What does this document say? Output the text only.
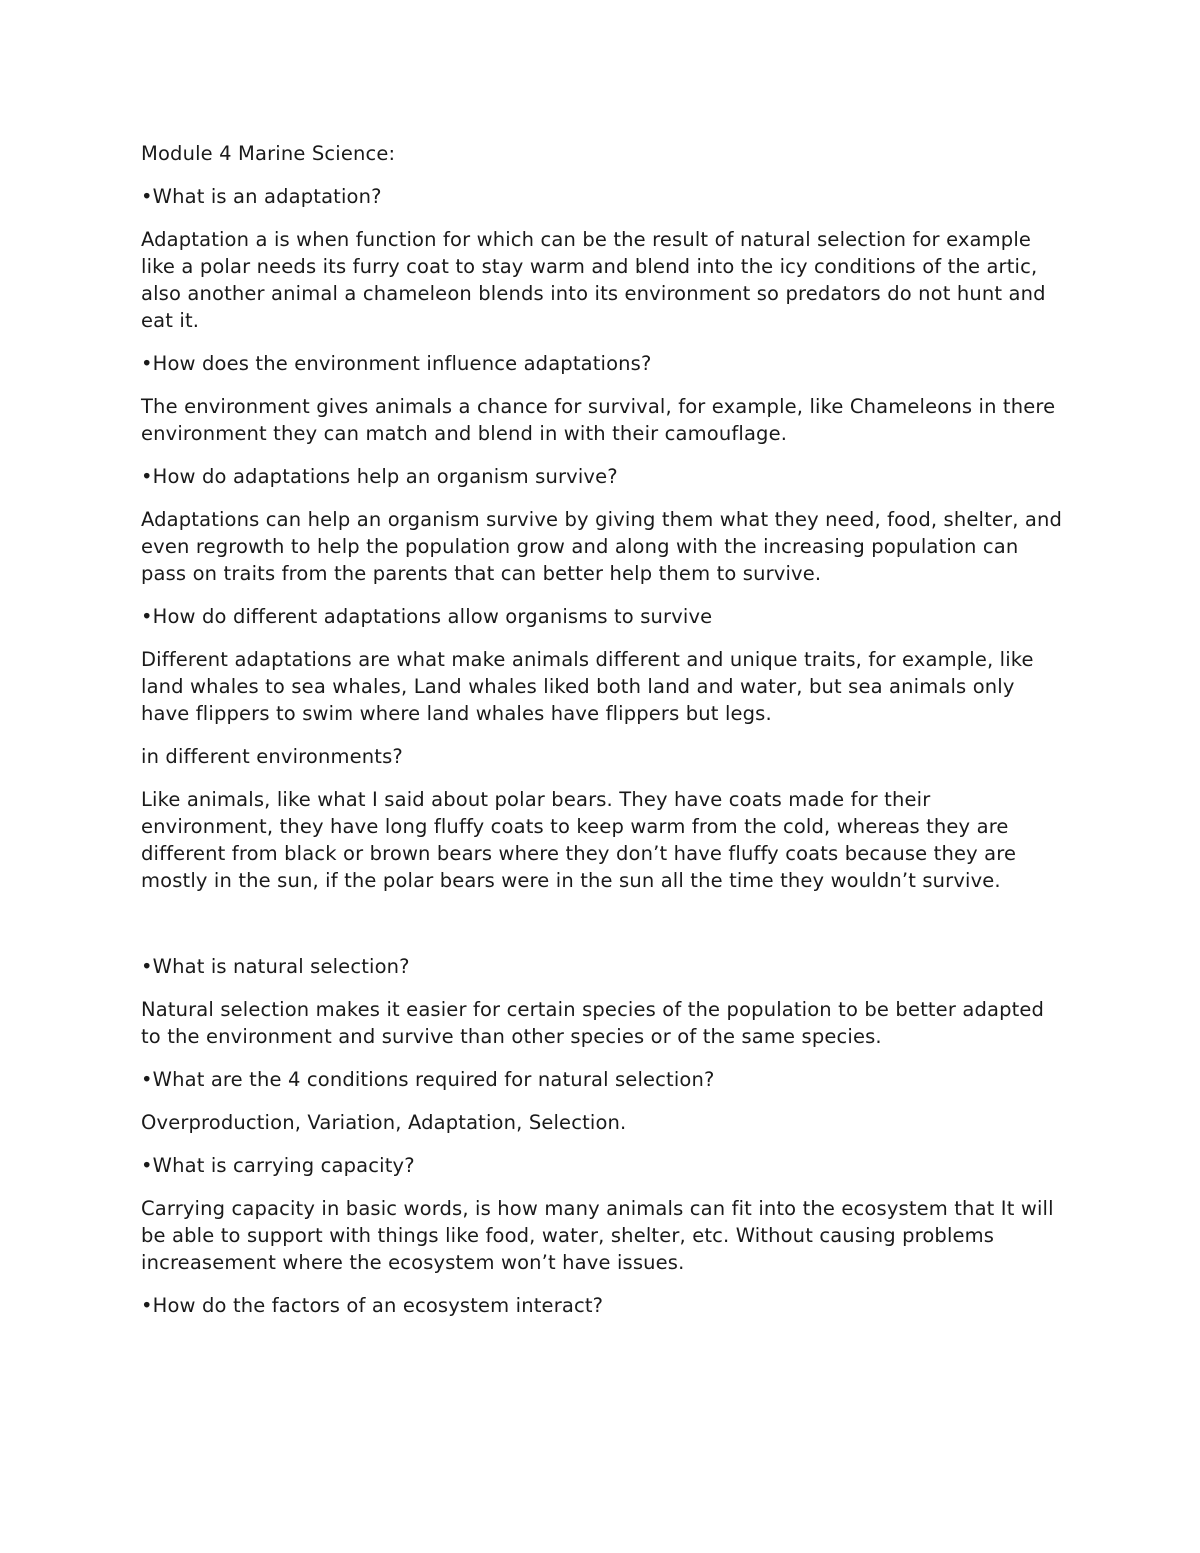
Module 4 Marine Science:

•What is an adaptation?

Adaptation a is when function for which can be the result of natural selection for example like a polar needs its furry coat to stay warm and blend into the icy conditions of the artic, also another animal a chameleon blends into its environment so predators do not hunt and eat it.

•How does the environment influence adaptations?

The environment gives animals a chance for survival, for example, like Chameleons in there environment they can match and blend in with their camouflage.

•How do adaptations help an organism survive?

Adaptations can help an organism survive by giving them what they need, food, shelter, and even regrowth to help the population grow and along with the increasing population can pass on traits from the parents that can better help them to survive.

•How do different adaptations allow organisms to survive

Different adaptations are what make animals different and unique traits, for example, like land whales to sea whales, Land whales liked both land and water, but sea animals only have flippers to swim where land whales have flippers but legs.

in different environments?

Like animals, like what I said about polar bears. They have coats made for their environment, they have long fluffy coats to keep warm from the cold, whereas they are different from black or brown bears where they don’t have fluffy coats because they are mostly in the sun, if the polar bears were in the sun all the time they wouldn’t survive.

•What is natural selection?

Natural selection makes it easier for certain species of the population to be better adapted to the environment and survive than other species or of the same species.

•What are the 4 conditions required for natural selection?

Overproduction, Variation, Adaptation, Selection.

•What is carrying capacity?

Carrying capacity in basic words, is how many animals can fit into the ecosystem that It will be able to support with things like food, water, shelter, etc. Without causing problems increasement where the ecosystem won’t have issues.

•How do the factors of an ecosystem interact?
